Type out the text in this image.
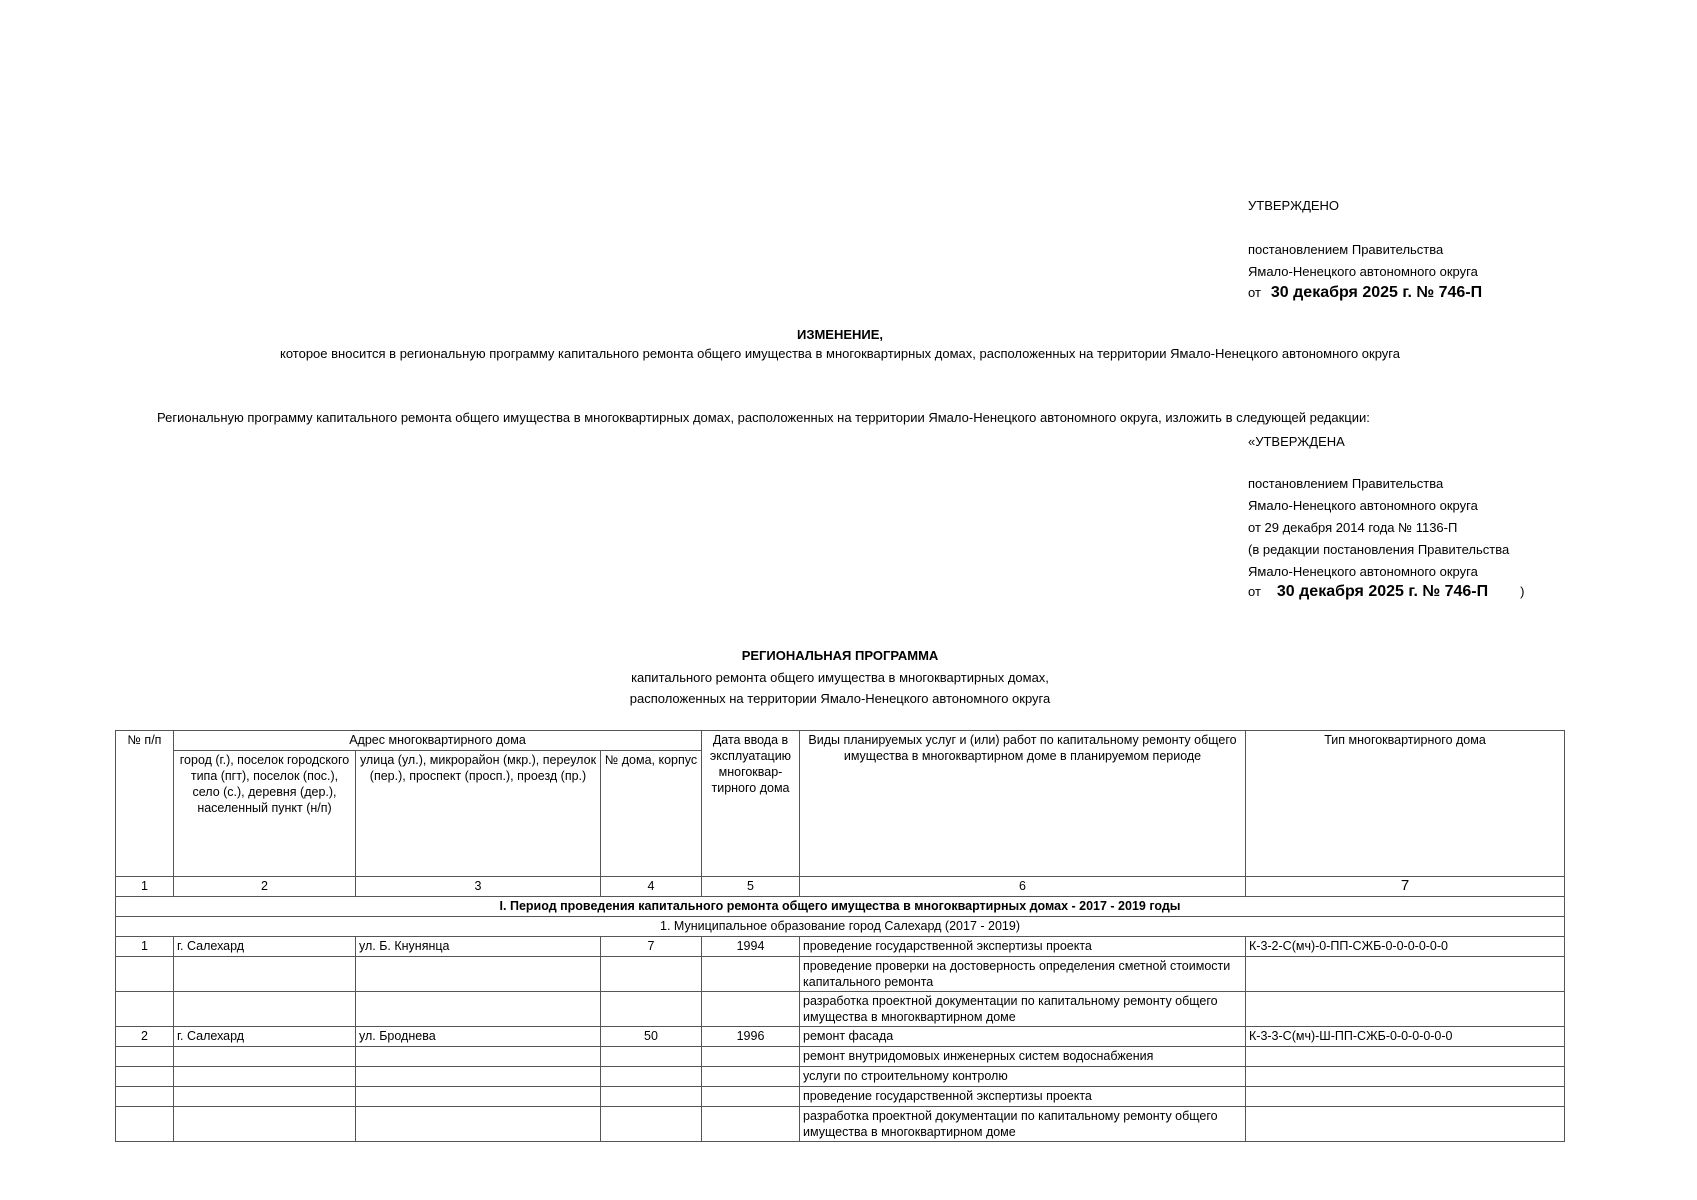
УТВЕРЖДЕНО
постановлением Правительства
Ямало-Ненецкого автономного округа
от 30 декабря 2025 г. № 746-П
ИЗМЕНЕНИЕ,
которое вносится в региональную программу капитального ремонта общего имущества в многоквартирных домах, расположенных на территории Ямало-Ненецкого автономного округа
Региональную программу капитального ремонта общего имущества в многоквартирных домах, расположенных на территории Ямало-Ненецкого автономного округа, изложить в следующей редакции:
«УТВЕРЖДЕНА
постановлением Правительства
Ямало-Ненецкого автономного округа
от 29 декабря 2014 года № 1136-П
(в редакции постановления Правительства
Ямало-Ненецкого автономного округа
от 30 декабря 2025 г. № 746-П )
РЕГИОНАЛЬНАЯ ПРОГРАММА
капитального ремонта общего имущества в многоквартирных домах,
расположенных на территории Ямало-Ненецкого автономного округа
№ п/п	Адрес многоквартирного дома			Дата ввода в эксплуатацию многоквар-тирного дома	Виды планируемых услуг и (или) работ по капитальному ремонту общего имущества в многоквартирном доме в планируемом периоде	Тип многоквартирного дома
	город (г.), поселок городского типа (пгт), поселок (пос.), село (с.), деревня (дер.), населенный пункт (н/п)	улица (ул.), микрорайон (мкр.), переулок (пер.), проспект (просп.), проезд (пр.)	№ дома, корпус			
1	2	3	4	5	6	7
I. Период проведения капитального ремонта общего имущества в многоквартирных домах - 2017 - 2019 годы						
1. Муниципальное образование город Салехард (2017 - 2019)						
1	г. Салехард	ул. Б. Кнунянца	7	1994	проведение государственной экспертизы проекта	К-3-2-С(мч)-0-ПП-СЖБ-0-0-0-0-0-0
					проведение проверки на достоверность определения сметной стоимости капитального ремонта	
					разработка проектной документации по капитальному ремонту общего имущества в многоквартирном доме	
2	г. Салехард	ул. Броднева	50	1996	ремонт фасада	К-3-3-С(мч)-Ш-ПП-СЖБ-0-0-0-0-0-0
					ремонт внутридомовых инженерных систем водоснабжения	
					услуги по строительному контролю	
					проведение государственной экспертизы проекта	
					разработка проектной документации по капитальному ремонту общего имущества в многоквартирном доме	
